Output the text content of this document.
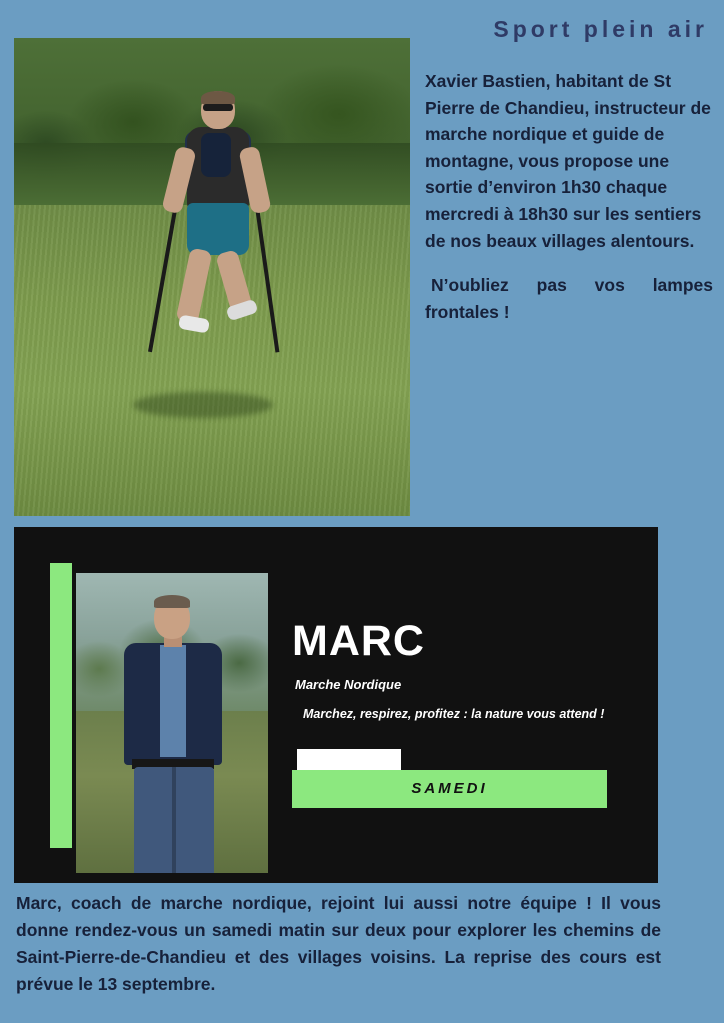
Sport plein air

Xavier Bastien, habitant de St Pierre de Chandieu, instructeur de marche nordique et guide de montagne, vous propose une sortie d’environ 1h30 chaque mercredi à 18h30 sur les sentiers de nos beaux villages alentours.

N’oubliez pas vos lampes frontales !

MARC
Marche Nordique
Marchez, respirez, profitez : la nature vous attend !
SAMEDI

Marc, coach de marche nordique, rejoint lui aussi notre équipe ! Il vous donne rendez-vous un samedi matin sur deux pour explorer les chemins de Saint-Pierre-de-Chandieu et des villages voisins. La reprise des cours est prévue le 13 septembre.
